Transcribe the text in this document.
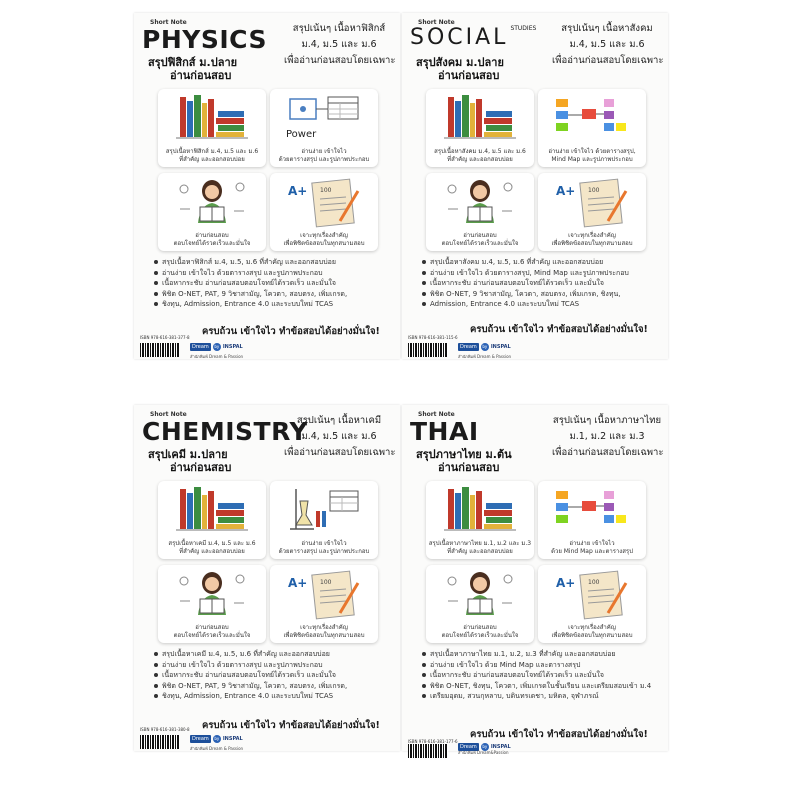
Short Note
PHYSICS
สรุปฟิสิกส์ ม.ปลาย
อ่านก่อนสอบ
สรุปเน้นๆ เนื้อหาฟิสิกส์
ม.4, ม.5 และ ม.6
เพื่ออ่านก่อนสอบโดยเฉพาะ
สรุปเนื้อหาฟิสิกส์ ม.4, ม.5 และ ม.6
ที่สำคัญ และออกสอบบ่อย
Power
อ่านง่าย เข้าใจไว
ด้วยตารางสรุป และรูปภาพประกอบ
อ่านก่อนสอบ
ตอบโจทย์ได้รวดเร็วและมั่นใจ
A+ 100
เจาะทุกเรื่องสำคัญ
เพื่อพิชิตข้อสอบในทุกสนามสอบ
สรุปเนื้อหาฟิสิกส์ ม.4, ม.5, ม.6 ที่สำคัญ และออกสอบบ่อย
อ่านง่าย เข้าใจไว ด้วยตารางสรุป และรูปภาพประกอบ
เนื้อหากระชับ อ่านก่อนสอบตอบโจทย์ได้รวดเร็ว และมั่นใจ
พิชิต O-NET, PAT, 9 วิชาสามัญ, โควตา, สอบตรง, เพิ่มเกรด,
ชิงทุน, Admission, Entrance 4.0 และระบบใหม่ TCAS
ครบถ้วน เข้าใจไว ทำข้อสอบได้อย่างมั่นใจ!
ISBN 978-616-381-377-8
Dream	by INSPAL
สำนักพิมพ์ Dream & Passion
Short Note
SOCIAL $^{STUDIES}$
สรุปสังคม ม.ปลาย
อ่านก่อนสอบ
สรุปเน้นๆ เนื้อหาสังคม
ม.4, ม.5 และ ม.6
เพื่ออ่านก่อนสอบโดยเฉพาะ
สรุปเนื้อหาสังคม ม.4, ม.5 และ ม.6
ที่สำคัญ และออกสอบบ่อย
อ่านง่าย เข้าใจไว ด้วยตารางสรุป,
Mind Map และรูปภาพประกอบ
อ่านก่อนสอบ
ตอบโจทย์ได้รวดเร็วและมั่นใจ
A+ 100
เจาะทุกเรื่องสำคัญ
เพื่อพิชิตข้อสอบในทุกสนามสอบ
สรุปเนื้อหาสังคม ม.4, ม.5, ม.6 ที่สำคัญ และออกสอบบ่อย
อ่านง่าย เข้าใจไว ด้วยตารางสรุป, Mind Map และรูปภาพประกอบ
เนื้อหากระชับ อ่านก่อนสอบตอบโจทย์ได้รวดเร็ว และมั่นใจ
พิชิต O-NET, 9 วิชาสามัญ, โควตา, สอบตรง, เพิ่มเกรด, ชิงทุน,
Admission, Entrance 4.0 และระบบใหม่ TCAS
ครบถ้วน เข้าใจไว ทำข้อสอบได้อย่างมั่นใจ!
ISBN 978-616-381-115-6
Dream	by INSPAL
สำนักพิมพ์ Dream & Passion
Short Note
CHEMISTRY
สรุปเคมี ม.ปลาย
อ่านก่อนสอบ
สรุปเน้นๆ เนื้อหาเคมี
ม.4, ม.5 และ ม.6
เพื่ออ่านก่อนสอบโดยเฉพาะ
สรุปเนื้อหาเคมี ม.4, ม.5 และ ม.6
ที่สำคัญ และออกสอบบ่อย
อ่านง่าย เข้าใจไว
ด้วยตารางสรุป และรูปภาพประกอบ
อ่านก่อนสอบ
ตอบโจทย์ได้รวดเร็วและมั่นใจ
A+ 100
เจาะทุกเรื่องสำคัญ
เพื่อพิชิตข้อสอบในทุกสนามสอบ
สรุปเนื้อหาเคมี ม.4, ม.5, ม.6 ที่สำคัญ และออกสอบบ่อย
อ่านง่าย เข้าใจไว ด้วยตารางสรุป และรูปภาพประกอบ
เนื้อหากระชับ อ่านก่อนสอบตอบโจทย์ได้รวดเร็ว และมั่นใจ
พิชิต O-NET, PAT, 9 วิชาสามัญ, โควตา, สอบตรง, เพิ่มเกรด,
ชิงทุน, Admission, Entrance 4.0 และระบบใหม่ TCAS
ครบถ้วน เข้าใจไว ทำข้อสอบได้อย่างมั่นใจ!
ISBN 978-616-381-380-8
Dream	by INSPAL
สำนักพิมพ์ Dream & Passion
Short Note
THAI
สรุปภาษาไทย ม.ต้น
อ่านก่อนสอบ
สรุปเน้นๆ เนื้อหาภาษาไทย
ม.1, ม.2 และ ม.3
เพื่ออ่านก่อนสอบโดยเฉพาะ
สรุปเนื้อหาภาษาไทย ม.1, ม.2 และ ม.3
ที่สำคัญ และออกสอบบ่อย
อ่านง่าย เข้าใจไว
ด้วย Mind Map และตารางสรุป
อ่านก่อนสอบ
ตอบโจทย์ได้รวดเร็วและมั่นใจ
A+ 100
เจาะทุกเรื่องสำคัญ
เพื่อพิชิตข้อสอบในทุกสนามสอบ
สรุปเนื้อหาภาษาไทย ม.1, ม.2, ม.3 ที่สำคัญ และออกสอบบ่อย
อ่านง่าย เข้าใจไว ด้วย Mind Map และตารางสรุป
เนื้อหากระชับ อ่านก่อนสอบตอบโจทย์ได้รวดเร็ว และมั่นใจ
พิชิต O-NET, ชิงทุน, โควตา, เพิ่มเกรดในชั้นเรียน และเตรียมสอบเข้า ม.4
เตรียมอุดม, สวนกุหลาบ, บดินทรเดชา, มหิดล, จุฬาภรณ์
ครบถ้วน เข้าใจไว ทำข้อสอบได้อย่างมั่นใจ!
ISBN 978-616-381-177-6
Dream	by INSPAL
สำนักพิมพ์ Dream&Passion
